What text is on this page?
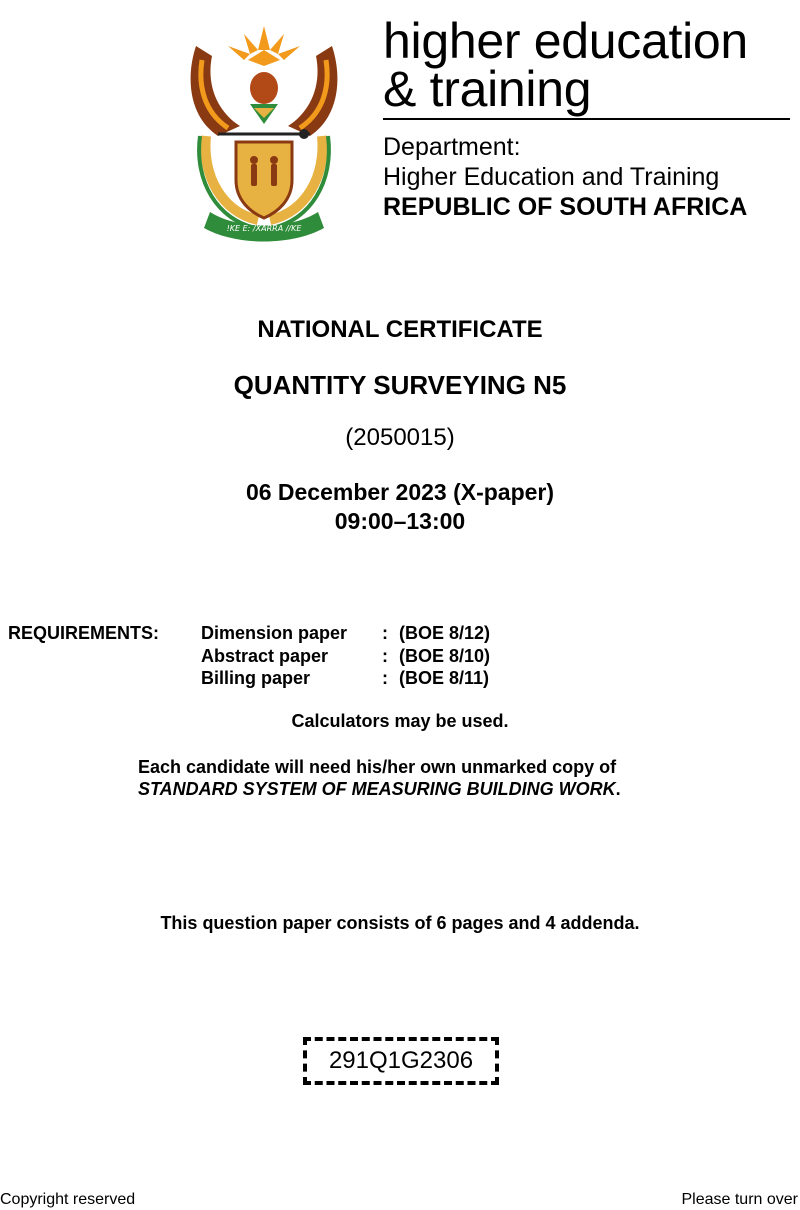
!KE E: /XARRA //KE
higher education
& training
Department:
Higher Education and Training
REPUBLIC OF SOUTH AFRICA
NATIONAL CERTIFICATE
QUANTITY SURVEYING N5
(2050015)
06 December 2023 (X-paper)
09:00–13:00
REQUIREMENTS: Dimension paper : (BOE 8/12)
Abstract paper	: (BOE 8/10)
Billing paper	: (BOE 8/11)
Calculators may be used.
Each candidate will need his/her own unmarked copy of
STANDARD SYSTEM OF MEASURING BUILDING WORK.
This question paper consists of 6 pages and 4 addenda.
291Q1G2306
Copyright reserved	Please turn over
